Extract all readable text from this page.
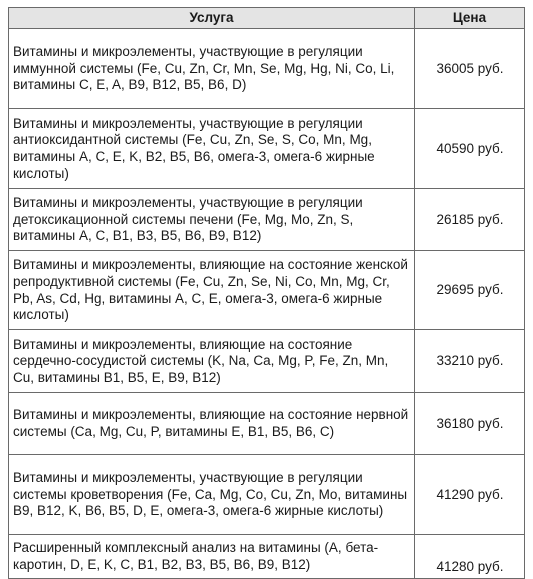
Услуга	Цена
Витамины и микроэлементы, участвующие в регуляции иммунной системы (Fe, Cu, Zn, Cr, Mn, Se, Mg, Hg, Ni, Co, Li, витамины C, E, A, B9, B12, B5, B6, D)	36005 руб.
Витамины и микроэлементы, участвующие в регуляции антиоксидантной системы (Fe, Cu, Zn, Se, S, Co, Mn, Mg, витамины A, C, E, K, B2, B5, B6, омега-3, омега-6 жирные кислоты)	40590 руб.
Витамины и микроэлементы, участвующие в регуляции детоксикационной системы печени (Fe, Mg, Mo, Zn, S, витамины A, C, B1, B3, B5, B6, B9, B12)	26185 руб.
Витамины и микроэлементы, влияющие на состояние женской репродуктивной системы (Fe, Cu, Zn, Se, Ni, Co, Mn, Mg, Cr, Pb, As, Cd, Hg, витамины A, C, E, омега-3, омега-6 жирные кислоты)	29695 руб.
Витамины и микроэлементы, влияющие на состояние сердечно-сосудистой системы (K, Na, Ca, Mg, P, Fe, Zn, Mn, Cu, витамины B1, B5, E, B9, B12)	33210 руб.
Витамины и микроэлементы, влияющие на состояние нервной системы (Ca, Mg, Cu, P, витамины E, B1, B5, B6, C)	36180 руб.
Витамины и микроэлементы, участвующие в регуляции системы кроветворения (Fe, Ca, Mg, Co, Cu, Zn, Mo, витамины B9, B12, K, B6, B5, D, E, омега-3, омега-6 жирные кислоты)	41290 руб.
Расширенный комплексный анализ на витамины (A, бета-каротин, D, E, K, C, B1, B2, B3, B5, B6, B9, B12)	41280 руб.
